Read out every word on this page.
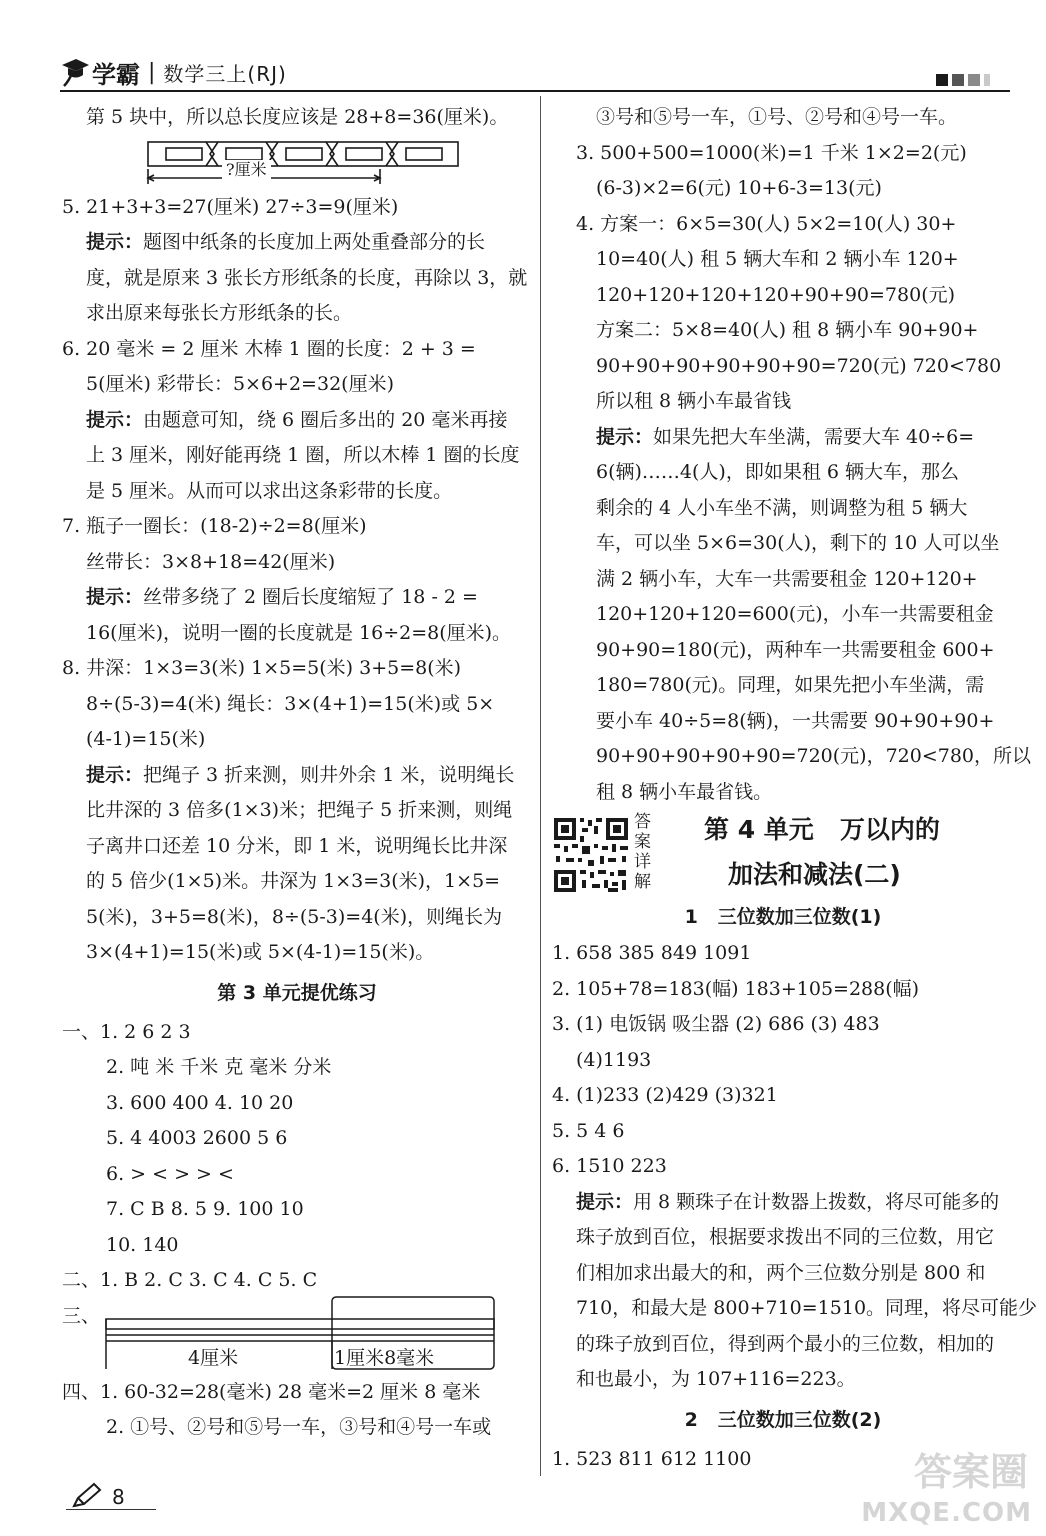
学霸 | 数学三上(RJ)
第 5 块中，所以总长度应该是 28+8=36(厘米)。
?厘米
5. 21+3+3=27(厘米) 27÷3=9(厘米)
提示：题图中纸条的长度加上两处重叠部分的长
度，就是原来 3 张长方形纸条的长度，再除以 3，就
求出原来每张长方形纸条的长。
6. 20 毫米 = 2 厘米 木棒 1 圈的长度：2 + 3 =
5(厘米) 彩带长：5×6+2=32(厘米)
提示：由题意可知，绕 6 圈后多出的 20 毫米再接
上 3 厘米，刚好能再绕 1 圈，所以木棒 1 圈的长度
是 5 厘米。从而可以求出这条彩带的长度。
7. 瓶子一圈长：(18-2)÷2=8(厘米)
丝带长：3×8+18=42(厘米)
提示：丝带多绕了 2 圈后长度缩短了 18 - 2 =
16(厘米)，说明一圈的长度就是 16÷2=8(厘米)。
8. 井深：1×3=3(米) 1×5=5(米) 3+5=8(米)
8÷(5-3)=4(米) 绳长：3×(4+1)=15(米)或 5×
(4-1)=15(米)
提示：把绳子 3 折来测，则井外余 1 米，说明绳长
比井深的 3 倍多(1×3)米；把绳子 5 折来测，则绳
子离井口还差 10 分米，即 1 米，说明绳长比井深
的 5 倍少(1×5)米。井深为 1×3=3(米)，1×5=
5(米)，3+5=8(米)，8÷(5-3)=4(米)，则绳长为
3×(4+1)=15(米)或 5×(4-1)=15(米)。
第 3 单元提优练习
一、1. 2 6 2 3
2. 吨 米 千米 克 毫米 分米
3. 600 400 4. 10 20
5. 4 4003 2600 5 6
6. > < > > <
7. C B 8. 5 9. 100 10
10. 140
二、1. B 2. C 3. C 4. C 5. C
三、
4厘米	1厘米8毫米
四、1. 60-32=28(毫米) 28 毫米=2 厘米 8 毫米
2. ①号、②号和⑤号一车，③号和④号一车或
③号和⑤号一车，①号、②号和④号一车。
3. 500+500=1000(米)=1 千米 1×2=2(元)
(6-3)×2=6(元) 10+6-3=13(元)
4. 方案一：6×5=30(人) 5×2=10(人) 30+
10=40(人) 租 5 辆大车和 2 辆小车 120+
120+120+120+120+90+90=780(元)
方案二：5×8=40(人) 租 8 辆小车 90+90+
90+90+90+90+90+90=720(元) 720<780
所以租 8 辆小车最省钱
提示：如果先把大车坐满，需要大车 40÷6=
6(辆)……4(人)，即如果租 6 辆大车，那么
剩余的 4 人小车坐不满，则调整为租 5 辆大
车，可以坐 5×6=30(人)，剩下的 10 人可以坐
满 2 辆小车，大车一共需要租金 120+120+
120+120+120=600(元)，小车一共需要租金
90+90=180(元)，两种车一共需要租金 600+
180=780(元)。同理，如果先把小车坐满，需
要小车 40÷5=8(辆)，一共需要 90+90+90+
90+90+90+90+90=720(元)，720<780，所以
租 8 辆小车最省钱。
答案详解
第 4 单元   万以内的
加法和减法(二)
1   三位数加三位数(1)
1. 658 385 849 1091
2. 105+78=183(幅) 183+105=288(幅)
3. (1) 电饭锅 吸尘器 (2) 686 (3) 483
(4)1193
4. (1)233 (2)429 (3)321
5. 5 4 6
6. 1510 223
提示：用 8 颗珠子在计数器上拨数，将尽可能多的
珠子放到百位，根据要求拨出不同的三位数，用它
们相加求出最大的和，两个三位数分别是 800 和
710，和最大是 800+710=1510。同理，将尽可能少
的珠子放到百位，得到两个最小的三位数，相加的
和也最小，为 107+116=223。
2   三位数加三位数(2)
1. 523 811 612 1100
8
答案圈
MXQE.COM
